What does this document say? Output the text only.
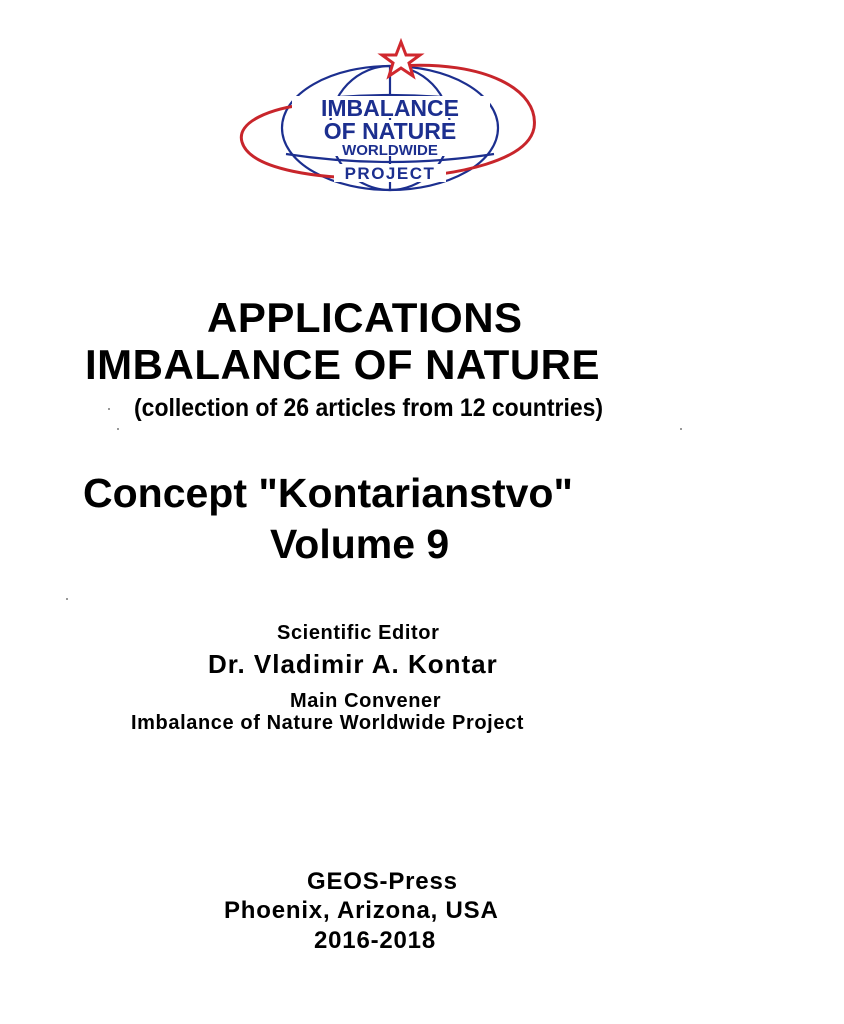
IMBALANCE
OF NATURE
WORLDWIDE
PROJECT
APPLICATIONS
IMBALANCE OF NATURE
(collection of 26 articles from 12 countries)
Concept "Kontarianstvo"
Volume 9
Scientific Editor
Dr. Vladimir A. Kontar
Main Convener
Imbalance of Nature Worldwide Project
GEOS-Press
Phoenix, Arizona, USA
2016-2018
